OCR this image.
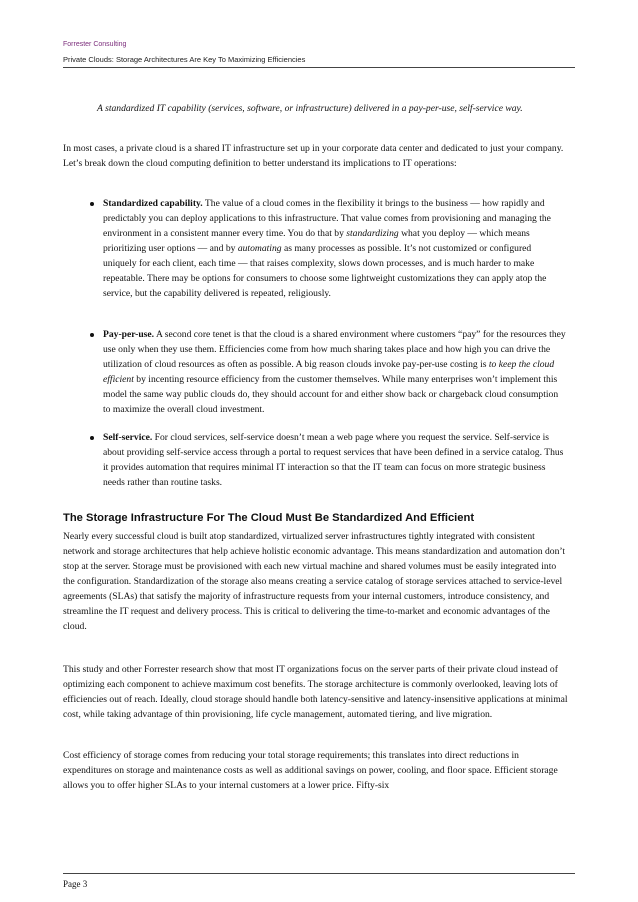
Forrester Consulting
Private Clouds: Storage Architectures Are Key To Maximizing Efficiencies
A standardized IT capability (services, software, or infrastructure) delivered in a pay-per-use, self-service way.

In most cases, a private cloud is a shared IT infrastructure set up in your corporate data center and dedicated to just your company. Let’s break down the cloud computing definition to better understand its implications to IT operations:

Standardized capability. The value of a cloud comes in the flexibility it brings to the business — how rapidly and predictably you can deploy applications to this infrastructure. That value comes from provisioning and managing the environment in a consistent manner every time. You do that by standardizing what you deploy — which means prioritizing user options — and by automating as many processes as possible. It’s not customized or configured uniquely for each client, each time — that raises complexity, slows down processes, and is much harder to make repeatable. There may be options for consumers to choose some lightweight customizations they can apply atop the service, but the capability delivered is repeated, religiously.
Pay-per-use. A second core tenet is that the cloud is a shared environment where customers “pay” for the resources they use only when they use them. Efficiencies come from how much sharing takes place and how high you can drive the utilization of cloud resources as often as possible. A big reason clouds invoke pay-per-use costing is to keep the cloud efficient by incenting resource efficiency from the customer themselves. While many enterprises won’t implement this model the same way public clouds do, they should account for and either show back or chargeback cloud consumption to maximize the overall cloud investment.
Self-service. For cloud services, self-service doesn’t mean a web page where you request the service. Self-service is about providing self-service access through a portal to request services that have been defined in a service catalog. Thus it provides automation that requires minimal IT interaction so that the IT team can focus on more strategic business needs rather than routine tasks.
The Storage Infrastructure For The Cloud Must Be Standardized And Efficient

Nearly every successful cloud is built atop standardized, virtualized server infrastructures tightly integrated with consistent network and storage architectures that help achieve holistic economic advantage. This means standardization and automation don’t stop at the server. Storage must be provisioned with each new virtual machine and shared volumes must be easily integrated into the configuration. Standardization of the storage also means creating a service catalog of storage services attached to service-level agreements (SLAs) that satisfy the majority of infrastructure requests from your internal customers, introduce consistency, and streamline the IT request and delivery process. This is critical to delivering the time-to-market and economic advantages of the cloud.

This study and other Forrester research show that most IT organizations focus on the server parts of their private cloud instead of optimizing each component to achieve maximum cost benefits. The storage architecture is commonly overlooked, leaving lots of efficiencies out of reach. Ideally, cloud storage should handle both latency-sensitive and latency-insensitive applications at minimal cost, while taking advantage of thin provisioning, life cycle management, automated tiering, and live migration.

Cost efficiency of storage comes from reducing your total storage requirements; this translates into direct reductions in expenditures on storage and maintenance costs as well as additional savings on power, cooling, and floor space. Efficient storage allows you to offer higher SLAs to your internal customers at a lower price. Fifty-six

Page 3
